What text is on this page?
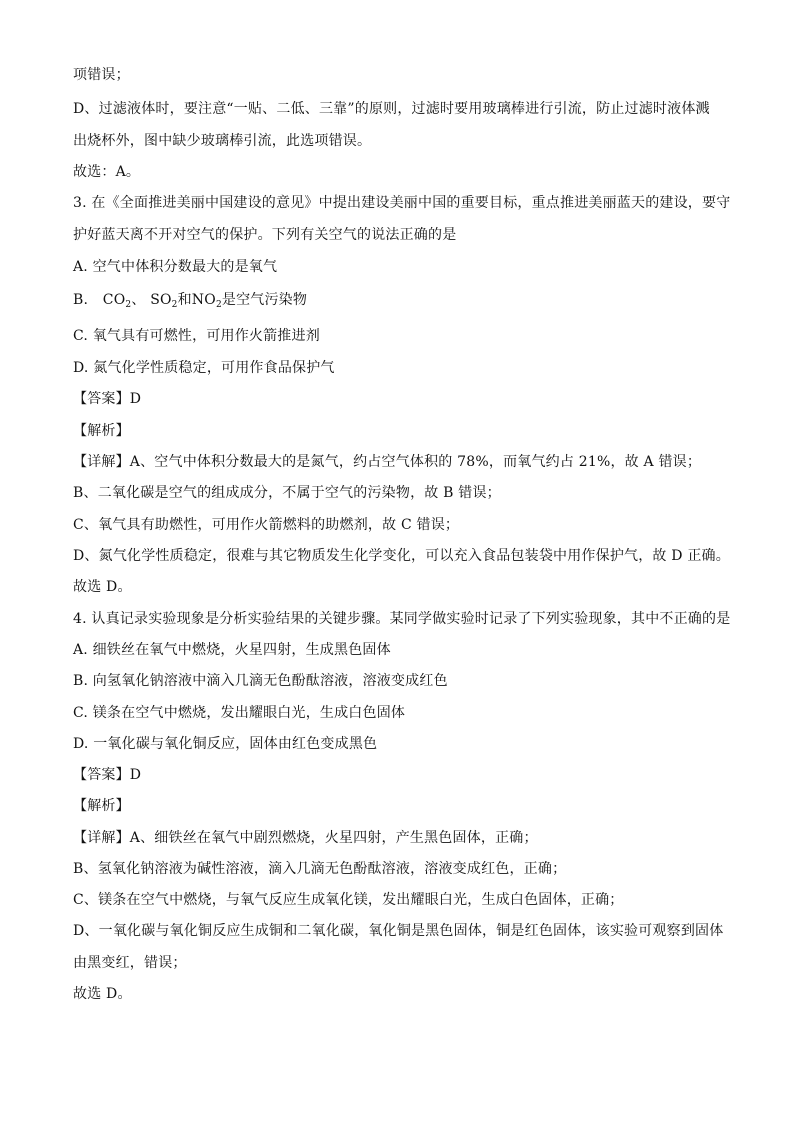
项错误；
D、过滤液体时，要注意“一贴、二低、三靠”的原则，过滤时要用玻璃棒进行引流，防止过滤时液体溅
出烧杯外，图中缺少玻璃棒引流，此选项错误。
故选：A。
3. 在《全面推进美丽中国建设的意见》中提出建设美丽中国的重要目标，重点推进美丽蓝天的建设，要守
护好蓝天离不开对空气的保护。下列有关空气的说法正确的是
A. 空气中体积分数最大的是氧气
B. $CO_2$、 $SO_2$和$NO_2$是空气污染物
C. 氧气具有可燃性，可用作火箭推进剂
D. 氮气化学性质稳定，可用作食品保护气
【答案】D
【解析】
【详解】A、空气中体积分数最大的是氮气，约占空气体积的 78%，而氧气约占 21%，故 A 错误；
B、二氧化碳是空气的组成成分，不属于空气的污染物，故 B 错误；
C、氧气具有助燃性，可用作火箭燃料的助燃剂，故 C 错误；
D、氮气化学性质稳定，很难与其它物质发生化学变化，可以充入食品包装袋中用作保护气，故 D 正确。
故选 D。
4. 认真记录实验现象是分析实验结果的关键步骤。某同学做实验时记录了下列实验现象，其中不正确的是
A. 细铁丝在氧气中燃烧，火星四射，生成黑色固体
B. 向氢氧化钠溶液中滴入几滴无色酚酞溶液，溶液变成红色
C. 镁条在空气中燃烧，发出耀眼白光，生成白色固体
D. 一氧化碳与氧化铜反应，固体由红色变成黑色
【答案】D
【解析】
【详解】A、细铁丝在氧气中剧烈燃烧，火星四射，产生黑色固体，正确；
B、氢氧化钠溶液为碱性溶液，滴入几滴无色酚酞溶液，溶液变成红色，正确；
C、镁条在空气中燃烧，与氧气反应生成氧化镁，发出耀眼白光，生成白色固体，正确；
D、一氧化碳与氧化铜反应生成铜和二氧化碳，氧化铜是黑色固体，铜是红色固体，该实验可观察到固体
由黑变红，错误；
故选 D。
